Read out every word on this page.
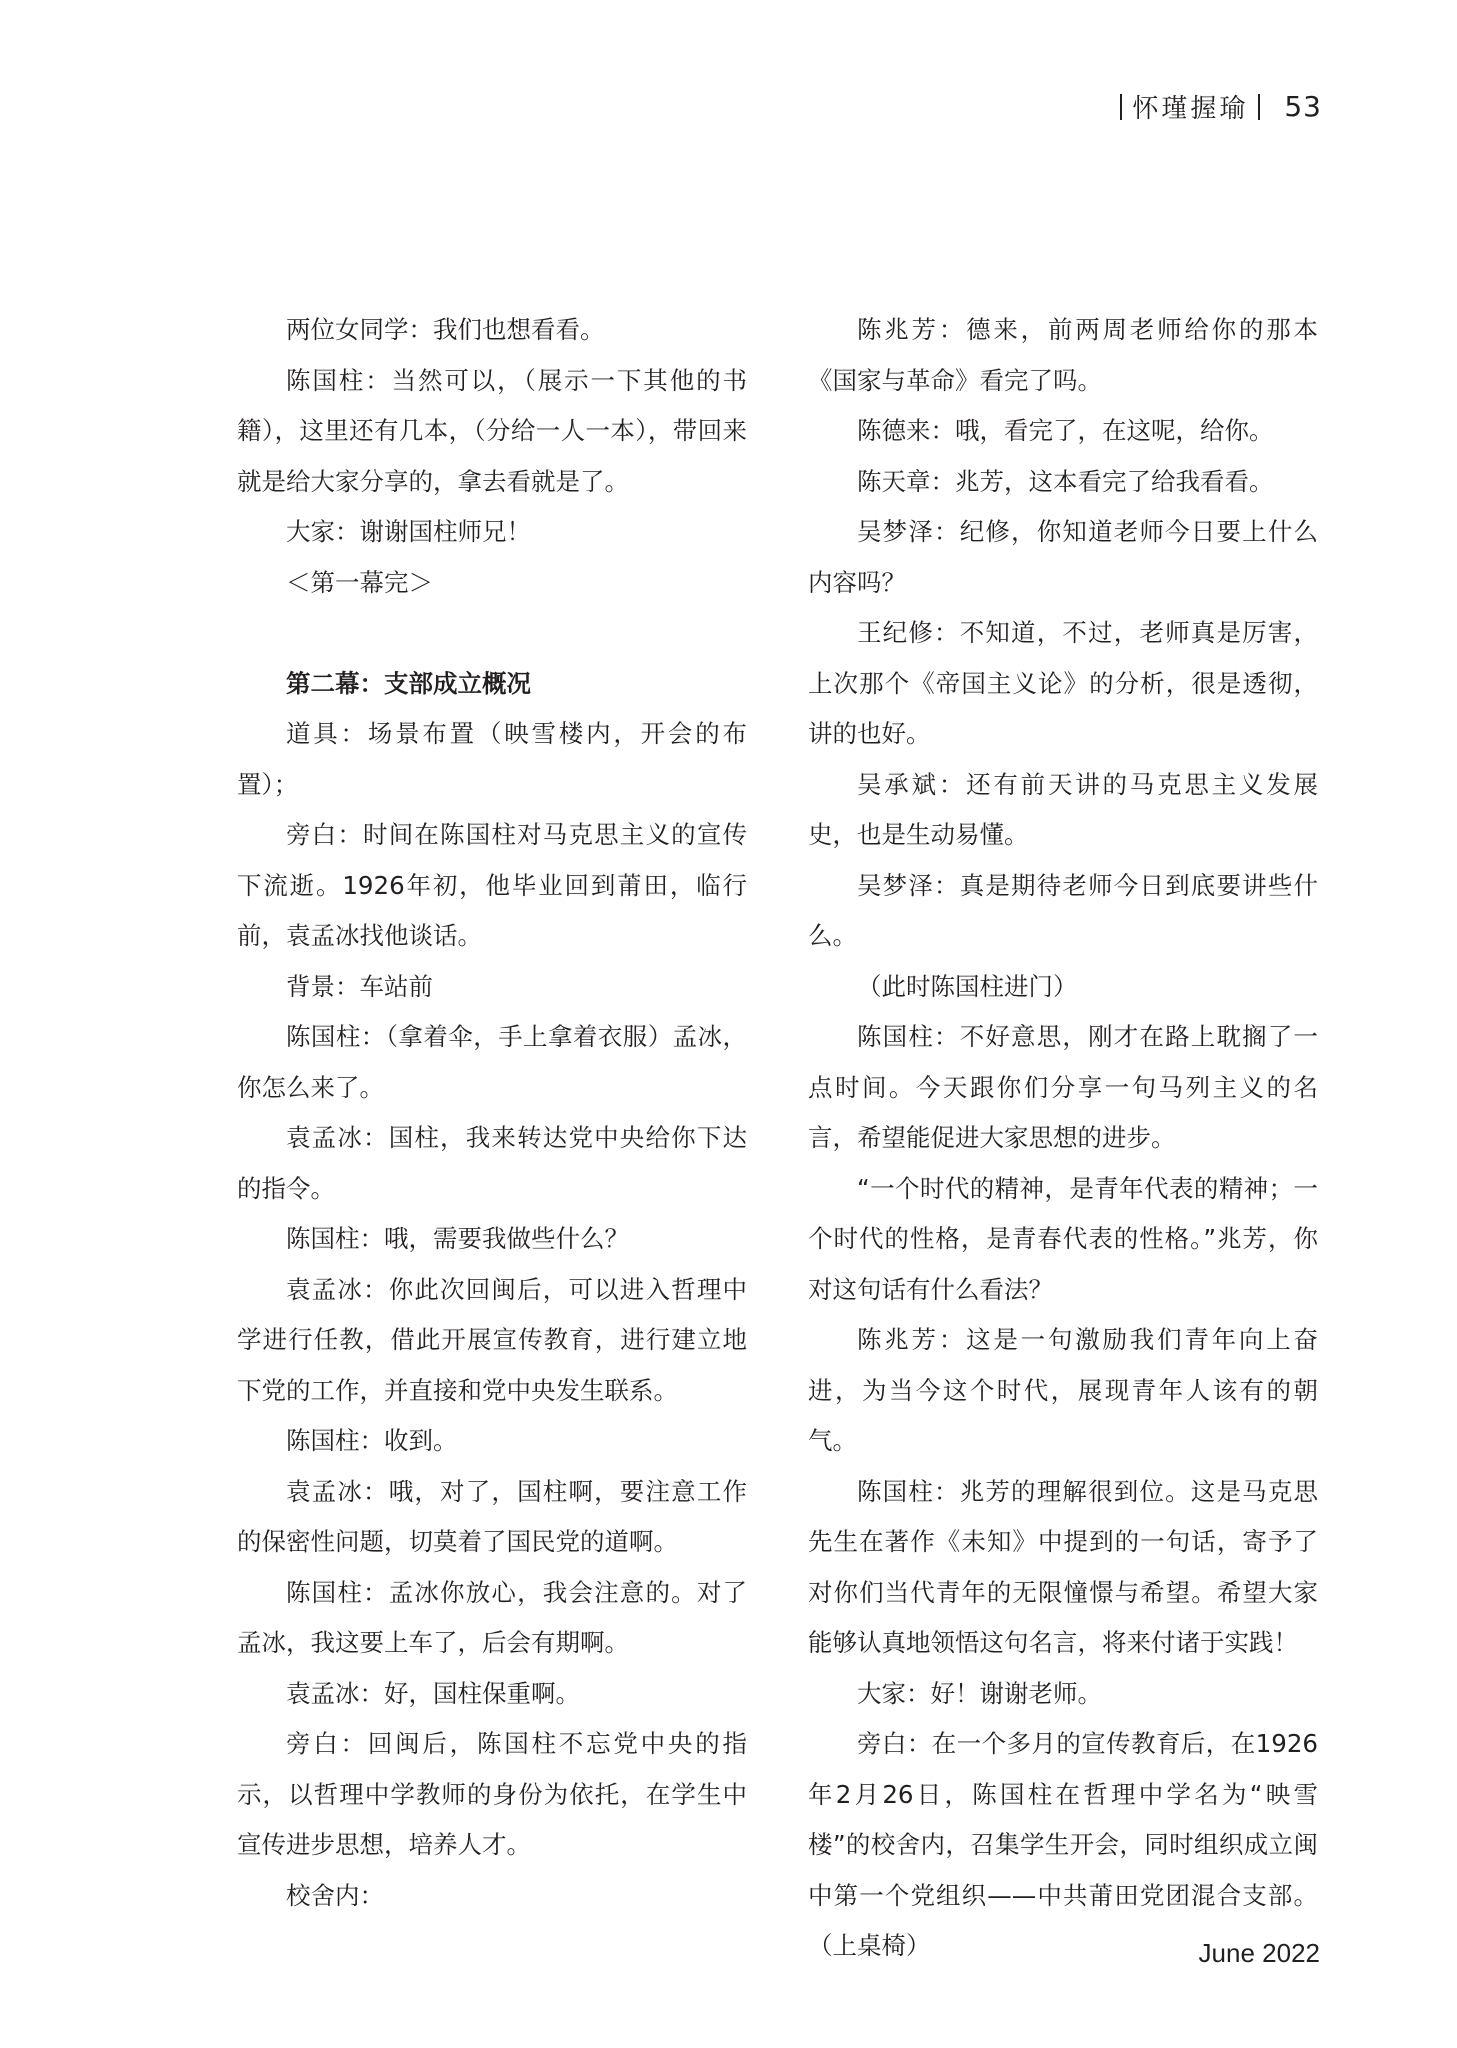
怀瑾握瑜 53

两位女同学：我们也想看看。

陈国柱：当然可以，（展示一下其他的书籍），这里还有几本，（分给一人一本），带回来就是给大家分享的，拿去看就是了。

大家：谢谢国柱师兄！

＜第一幕完＞

第二幕：支部成立概况

道具：场景布置（映雪楼内，开会的布置）；

旁白：时间在陈国柱对马克思主义的宣传下流逝。1926年初，他毕业回到莆田，临行前，袁孟冰找他谈话。

背景：车站前

陈国柱：（拿着伞，手上拿着衣服）孟冰，你怎么来了。

袁孟冰：国柱，我来转达党中央给你下达的指令。

陈国柱：哦，需要我做些什么？

袁孟冰：你此次回闽后，可以进入哲理中学进行任教，借此开展宣传教育，进行建立地下党的工作，并直接和党中央发生联系。

陈国柱：收到。

袁孟冰：哦，对了，国柱啊，要注意工作的保密性问题，切莫着了国民党的道啊。

陈国柱：孟冰你放心，我会注意的。对了孟冰，我这要上车了，后会有期啊。

袁孟冰：好，国柱保重啊。

旁白：回闽后，陈国柱不忘党中央的指示，以哲理中学教师的身份为依托，在学生中宣传进步思想，培养人才。

校舍内：

陈兆芳：德来，前两周老师给你的那本《国家与革命》看完了吗。

陈德来：哦，看完了，在这呢，给你。

陈天章：兆芳，这本看完了给我看看。

吴梦泽：纪修，你知道老师今日要上什么内容吗？

王纪修：不知道，不过，老师真是厉害，上次那个《帝国主义论》的分析，很是透彻，讲的也好。

吴承斌：还有前天讲的马克思主义发展史，也是生动易懂。

吴梦泽：真是期待老师今日到底要讲些什么。

（此时陈国柱进门）

陈国柱：不好意思，刚才在路上耽搁了一点时间。今天跟你们分享一句马列主义的名言，希望能促进大家思想的进步。

“一个时代的精神，是青年代表的精神；一个时代的性格，是青春代表的性格。”兆芳，你对这句话有什么看法？

陈兆芳：这是一句激励我们青年向上奋进，为当今这个时代，展现青年人该有的朝气。

陈国柱：兆芳的理解很到位。这是马克思先生在著作《未知》中提到的一句话，寄予了对你们当代青年的无限憧憬与希望。希望大家能够认真地领悟这句名言，将来付诸于实践！

大家：好！谢谢老师。

旁白：在一个多月的宣传教育后，在1926年2月26日，陈国柱在哲理中学名为“映雪楼”的校舍内，召集学生开会，同时组织成立闽中第一个党组织——中共莆田党团混合支部。（上桌椅）	June 2022
